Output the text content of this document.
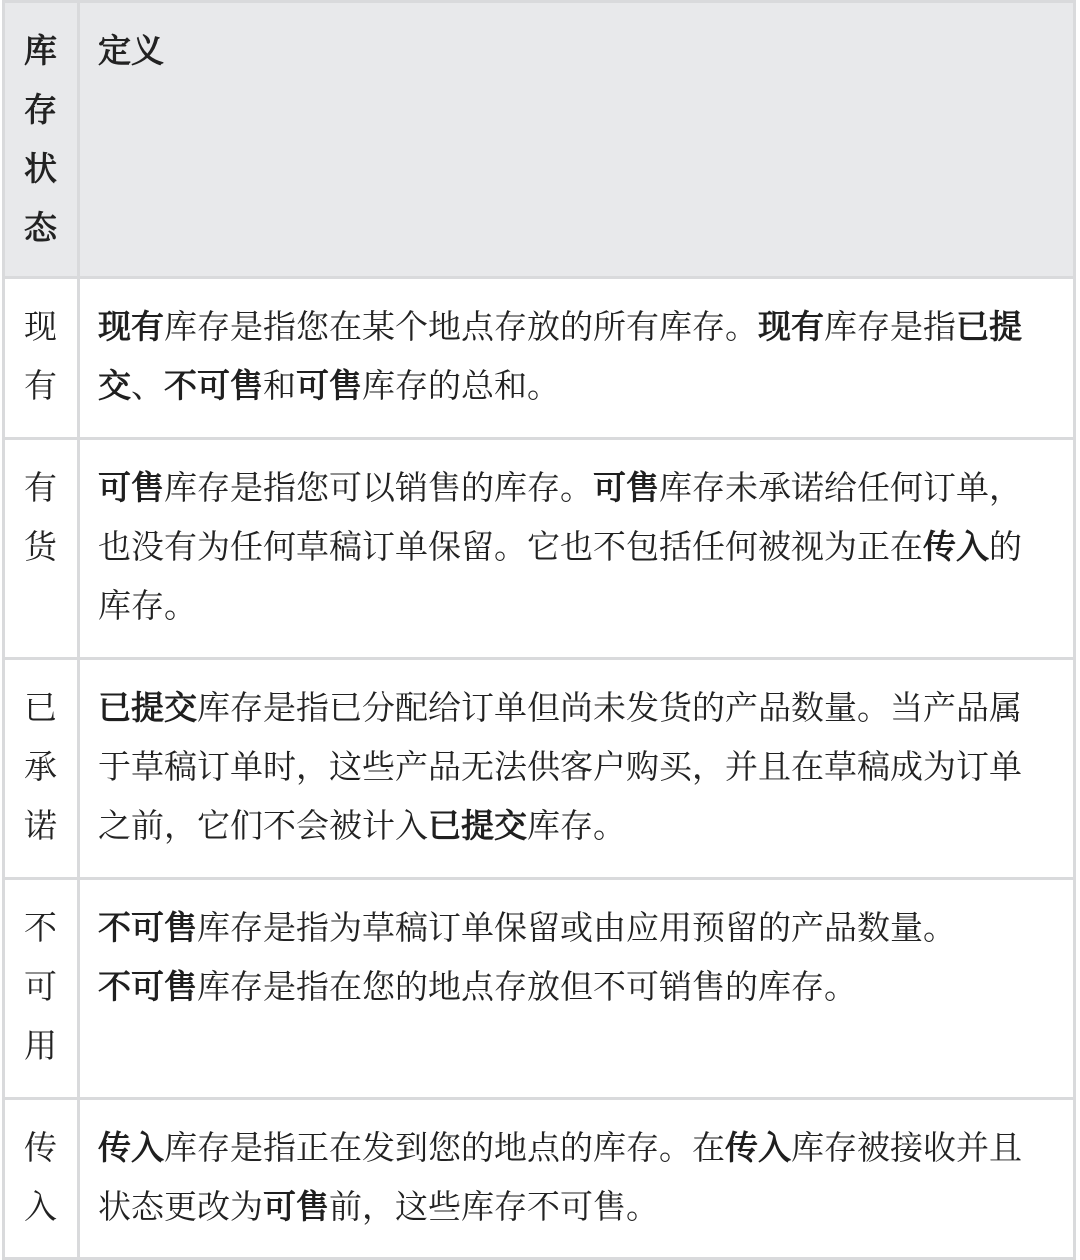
库存状态	定义

现有	现有库存是指您在某个地点存放的所有库存。现有库存是指已提交、不可售和可售库存的总和。

有货	可售库存是指您可以销售的库存。可售库存未承诺给任何订单，也没有为任何草稿订单保留。它也不包括任何被视为正在传入的库存。

已承诺	已提交库存是指已分配给订单但尚未发货的产品数量。当产品属于草稿订单时，这些产品无法供客户购买，并且在草稿成为订单之前，它们不会被计入已提交库存。

不可用	不可售库存是指为草稿订单保留或由应用预留的产品数量。
不可售库存是指在您的地点存放但不可销售的库存。

传入	传入库存是指正在发到您的地点的库存。在传入库存被接收并且状态更改为可售前，这些库存不可售。
